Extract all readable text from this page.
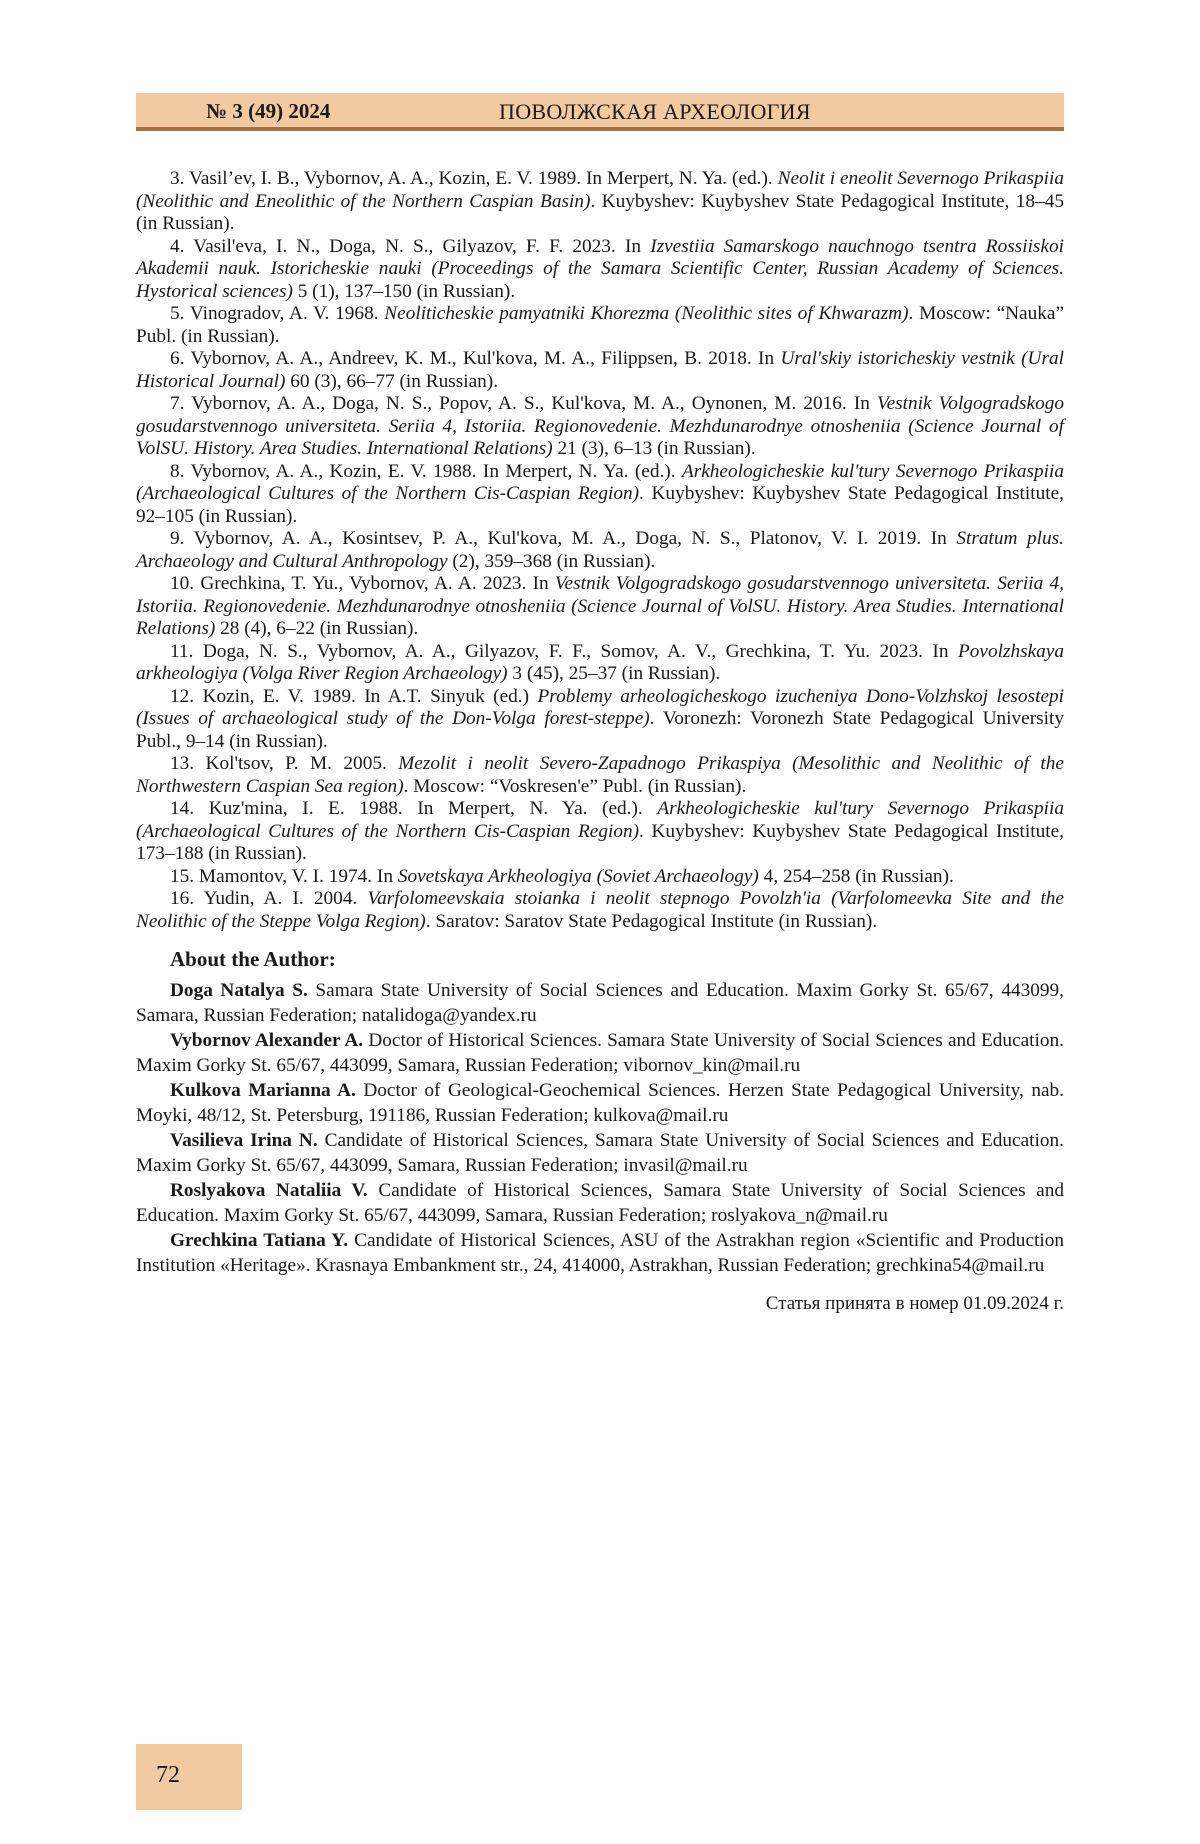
№ 3 (49) 2024	ПОВОЛЖСКАЯ АРХЕОЛОГИЯ

3. Vasil’ev, I. B., Vybornov, A. A., Kozin, E. V. 1989. In Merpert, N. Ya. (ed.). Neolit i eneolit Severnogo Prikaspiia (Neolithic and Eneolithic of the Northern Caspian Basin). Kuybyshev: Kuybyshev State Pedagogical Institute, 18–45 (in Russian).

4. Vasil'eva, I. N., Doga, N. S., Gilyazov, F. F. 2023. In Izvestiia Samarskogo nauchnogo tsentra Rossiiskoi Akademii nauk. Istoricheskie nauki (Proceedings of the Samara Scientific Center, Russian Academy of Sciences. Hystorical sciences) 5 (1), 137–150 (in Russian).

5. Vinogradov, A. V. 1968. Neoliticheskie pamyatniki Khorezma (Neolithic sites of Khwarazm). Moscow: “Nauka” Publ. (in Russian).

6. Vybornov, A. A., Andreev, K. M., Kul'kova, M. A., Filippsen, B. 2018. In Ural'skiy istoricheskiy vestnik (Ural Historical Journal) 60 (3), 66–77 (in Russian).

7. Vybornov, A. A., Doga, N. S., Popov, A. S., Kul'kova, M. A., Oynonen, M. 2016. In Vestnik Volgogradskogo gosudarstvennogo universiteta. Seriia 4, Istoriia. Regionovedenie. Mezhdunarodnye otnosheniia (Science Journal of VolSU. History. Area Studies. International Relations) 21 (3), 6–13 (in Russian).

8. Vybornov, A. A., Kozin, E. V. 1988. In Merpert, N. Ya. (ed.). Arkheologicheskie kul'tury Severnogo Prikaspiia (Archaeological Cultures of the Northern Cis-Caspian Region). Kuybyshev: Kuybyshev State Pedagogical Institute, 92–105 (in Russian).

9. Vybornov, A. A., Kosintsev, P. A., Kul'kova, M. A., Doga, N. S., Platonov, V. I. 2019. In Stratum plus. Archaeology and Cultural Anthropology (2), 359–368 (in Russian).

10. Grechkina, T. Yu., Vybornov, A. A. 2023. In Vestnik Volgogradskogo gosudarstvennogo universiteta. Seriia 4, Istoriia. Regionovedenie. Mezhdunarodnye otnosheniia (Science Journal of VolSU. History. Area Studies. International Relations) 28 (4), 6–22 (in Russian).

11. Doga, N. S., Vybornov, A. A., Gilyazov, F. F., Somov, A. V., Grechkina, T. Yu. 2023. In Povolzhskaya arkheologiya (Volga River Region Archaeology) 3 (45), 25–37 (in Russian).

12. Kozin, E. V. 1989. In A.T. Sinyuk (ed.) Problemy arheologicheskogo izucheniya Dono-Volzhskoj lesostepi (Issues of archaeological study of the Don-Volga forest-steppe). Voronezh: Voronezh State Pedagogical University Publ., 9–14 (in Russian).

13. Kol'tsov, P. M. 2005. Mezolit i neolit Severo-Zapadnogo Prikaspiya (Mesolithic and Neolithic of the Northwestern Caspian Sea region). Moscow: “Voskresen'e” Publ. (in Russian).

14. Kuz'mina, I. E. 1988. In Merpert, N. Ya. (ed.). Arkheologicheskie kul'tury Severnogo Prikaspiia (Archaeological Cultures of the Northern Cis-Caspian Region). Kuybyshev: Kuybyshev State Pedagogical Institute, 173–188 (in Russian).

15. Mamontov, V. I. 1974. In Sovetskaya Arkheologiya (Soviet Archaeology) 4, 254–258 (in Russian).

16. Yudin, A. I. 2004. Varfolomeevskaia stoianka i neolit stepnogo Povolzh'ia (Varfolomeevka Site and the Neolithic of the Steppe Volga Region). Saratov: Saratov State Pedagogical Institute (in Russian).

About the Author:

Doga Natalya S. Samara State University of Social Sciences and Education. Maxim Gorky St. 65/67, 443099, Samara, Russian Federation; natalidoga@yandex.ru

Vybornov Alexander A. Doctor of Historical Sciences. Samara State University of Social Sciences and Education. Maxim Gorky St. 65/67, 443099, Samara, Russian Federation; vibornov_kin@mail.ru

Kulkova Marianna A. Doctor of Geological-Geochemical Sciences. Herzen State Pedagogical University, nab. Moyki, 48/12, St. Petersburg, 191186, Russian Federation; kulkova@mail.ru

Vasilieva Irina N. Candidate of Historical Sciences, Samara State University of Social Sciences and Education. Maxim Gorky St. 65/67, 443099, Samara, Russian Federation; invasil@mail.ru

Roslyakova Nataliia V. Candidate of Historical Sciences, Samara State University of Social Sciences and Education. Maxim Gorky St. 65/67, 443099, Samara, Russian Federation; roslyakova_n@mail.ru

Grechkina Tatiana Y. Candidate of Historical Sciences, ASU of the Astrakhan region «Scientific and Production Institution «Heritage». Krasnaya Embankment str., 24, 414000, Astrakhan, Russian Federation; grechkina54@mail.ru

Статья принята в номер 01.09.2024 г.

72
